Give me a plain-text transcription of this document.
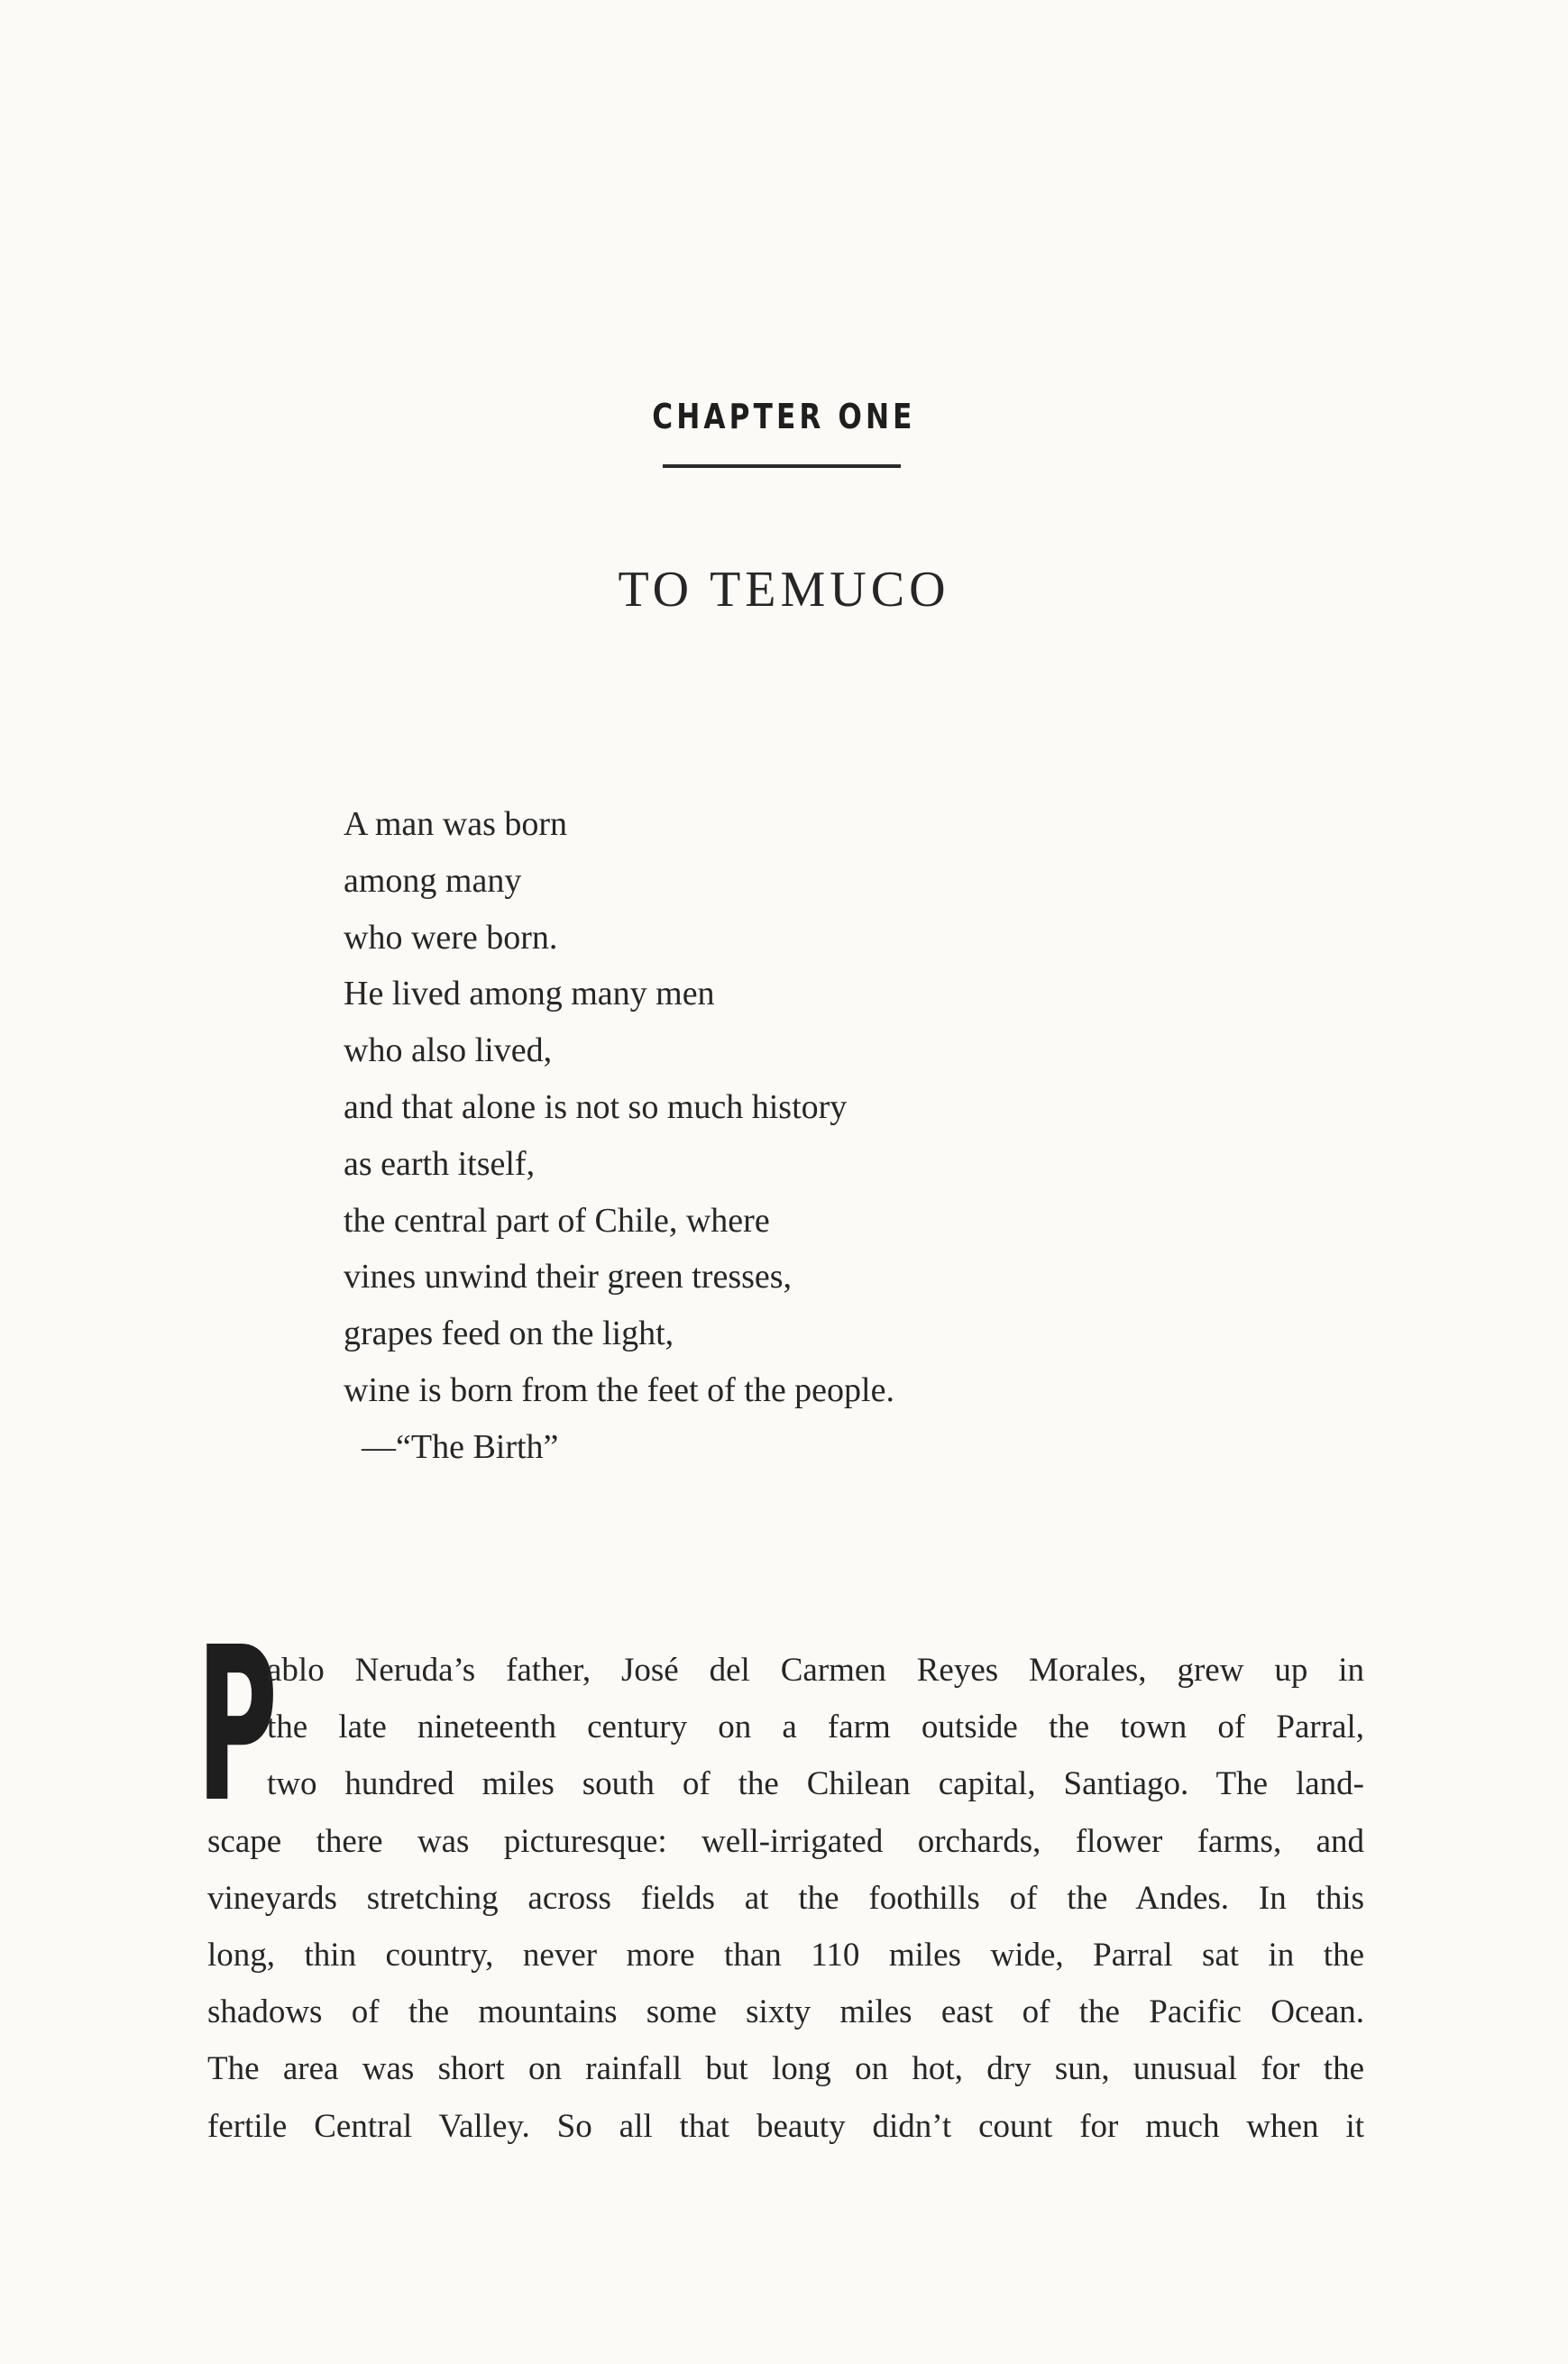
CHAPTER ONE
TO TEMUCO
A man was born
among many
who were born.
He lived among many men
who also lived,
and that alone is not so much history
as earth itself,
the central part of Chile, where
vines unwind their green tresses,
grapes feed on the light,
wine is born from the feet of the people.
—“The Birth”
P
ablo Neruda’s father, José del Carmen Reyes Morales, grew up in
the late nineteenth century on a farm outside the town of Parral,
two hundred miles south of the Chilean capital, Santiago. The land-
scape there was picturesque: well-irrigated orchards, flower farms, and
vineyards stretching across fields at the foothills of the Andes. In this
long, thin country, never more than 110 miles wide, Parral sat in the
shadows of the mountains some sixty miles east of the Pacific Ocean.
The area was short on rainfall but long on hot, dry sun, unusual for the
fertile Central Valley. So all that beauty didn’t count for much when it
